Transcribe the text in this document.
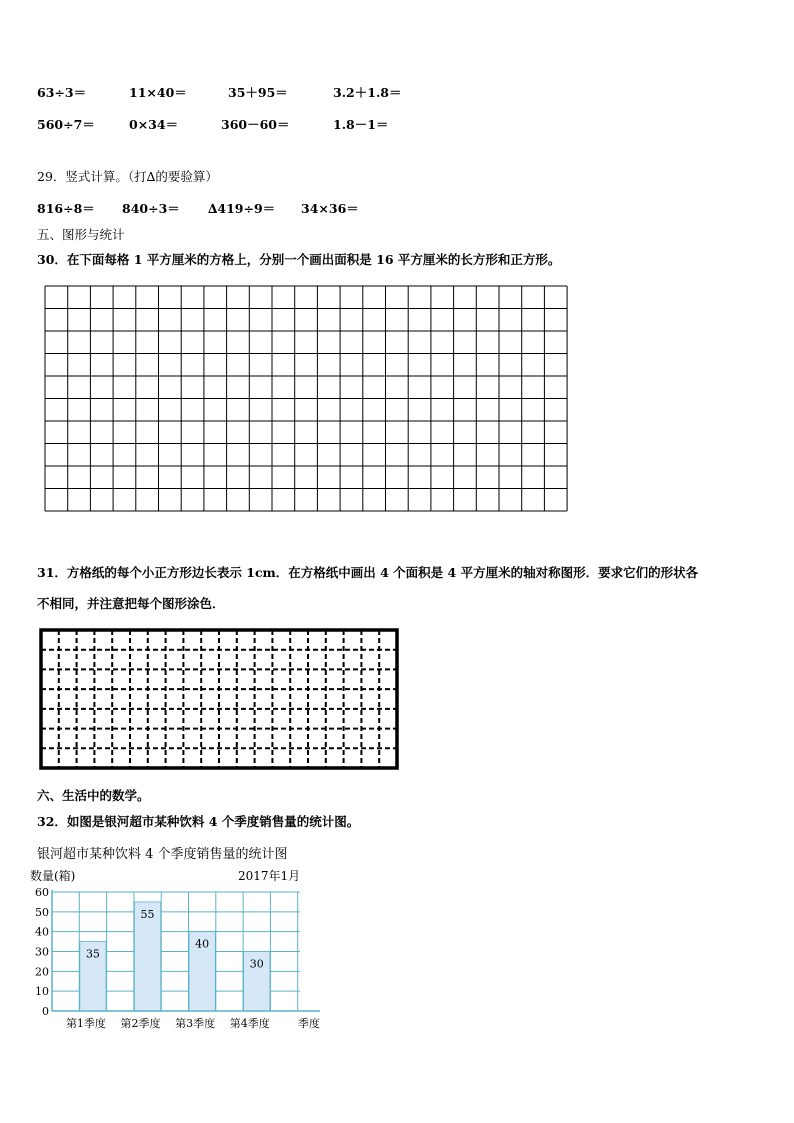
63÷3＝	11×40＝	35＋95＝	3.2＋1.8＝
560÷7＝	0×34＝	360－60＝	1.8－1＝
29．竖式计算。（打∆的要验算）
816÷8＝ 840÷3＝ ∆419÷9＝ 34×36＝
五、图形与统计
30．在下面每格 1 平方厘米的方格上，分别一个画出面积是 16 平方厘米的长方形和正方形。
31．方格纸的每个小正方形边长表示 1cm．在方格纸中画出 4 个面积是 4 平方厘米的轴对称图形．要求它们的形状各
不相同，并注意把每个图形涂色．
六、生活中的数学。
32．如图是银河超市某种饮料 4 个季度销售量的统计图。
银河超市某种饮料 4 个季度销售量的统计图
0
10
20
30
40
50
60
35
第1季度
55
第2季度
40
第3季度
30
第4季度
数量(箱)	2017年1月
季度
